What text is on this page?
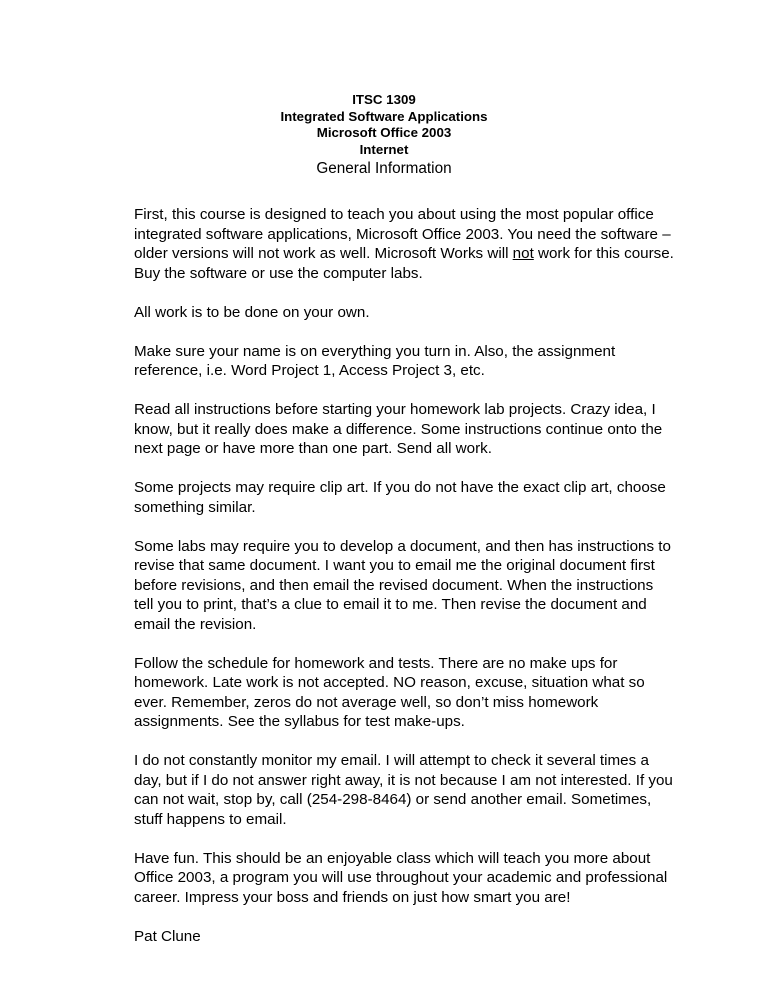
ITSC 1309
Integrated Software Applications
Microsoft Office 2003
Internet
General Information

First, this course is designed to teach you about using the most popular office integrated software applications, Microsoft Office 2003. You need the software – older versions will not work as well. Microsoft Works will not work for this course. Buy the software or use the computer labs.

All work is to be done on your own.

Make sure your name is on everything you turn in. Also, the assignment reference, i.e. Word Project 1, Access Project 3, etc.

Read all instructions before starting your homework lab projects. Crazy idea, I know, but it really does make a difference. Some instructions continue onto the next page or have more than one part. Send all work.

Some projects may require clip art. If you do not have the exact clip art, choose something similar.

Some labs may require you to develop a document, and then has instructions to revise that same document. I want you to email me the original document first before revisions, and then email the revised document. When the instructions tell you to print, that’s a clue to email it to me. Then revise the document and email the revision.

Follow the schedule for homework and tests. There are no make ups for homework. Late work is not accepted. NO reason, excuse, situation what so ever. Remember, zeros do not average well, so don’t miss homework assignments. See the syllabus for test make-ups.

I do not constantly monitor my email. I will attempt to check it several times a day, but if I do not answer right away, it is not because I am not interested. If you can not wait, stop by, call (254-298-8464) or send another email. Sometimes, stuff happens to email.

Have fun. This should be an enjoyable class which will teach you more about Office 2003, a program you will use throughout your academic and professional career. Impress your boss and friends on just how smart you are!

Pat Clune
